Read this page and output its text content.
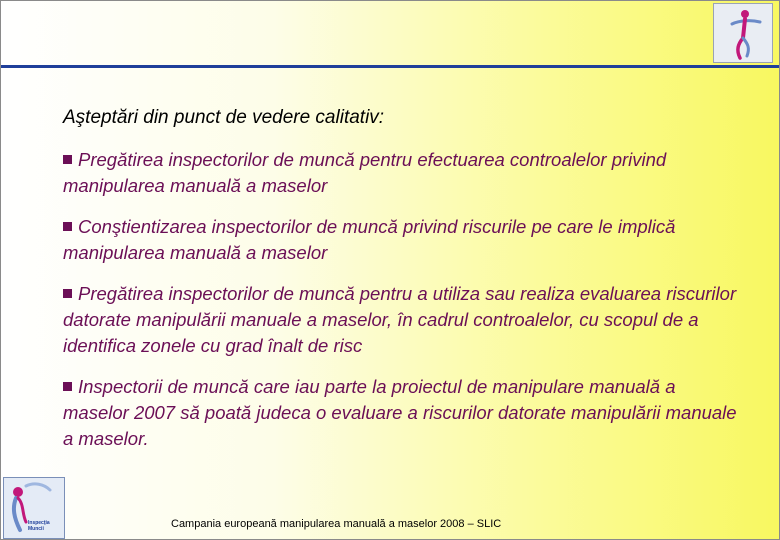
Aşteptări din punct de vedere calitativ:
Pregătirea inspectorilor de muncă pentru efectuarea controalelor privind manipularea manuală a maselor
Conştientizarea inspectorilor de muncă privind riscurile pe care le implică manipularea manuală a maselor
Pregătirea inspectorilor de muncă pentru a utiliza sau realiza evaluarea riscurilor datorate manipulării manuale a maselor, în cadrul controalelor, cu scopul de a identifica zonele cu grad înalt de risc
Inspectorii de muncă care iau parte la proiectul de manipulare manuală a maselor 2007 să poată judeca o evaluare a riscurilor datorate manipulării manuale a maselor.
Inspecţia
Muncii	Campania europeană manipularea manuală a maselor 2008 – SLIC
